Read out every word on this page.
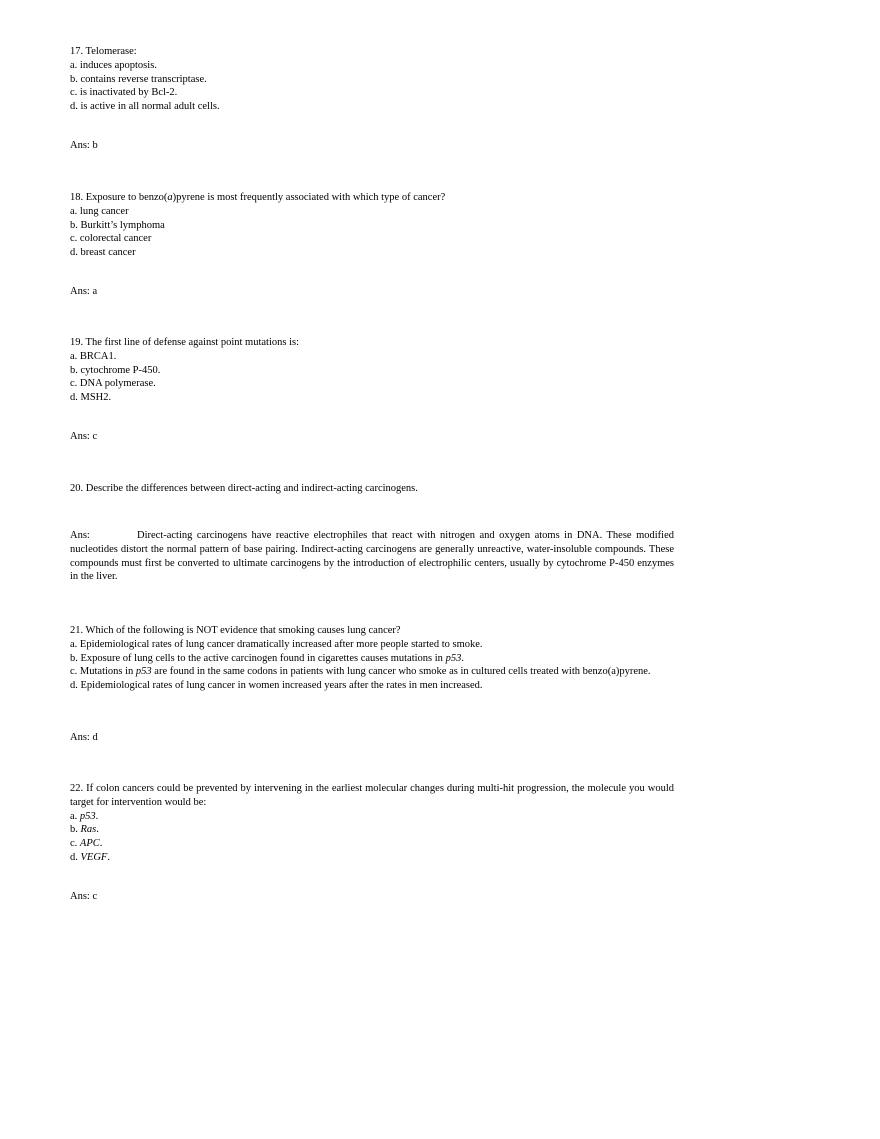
17. Telomerase:
a. induces apoptosis.
b. contains reverse transcriptase.
c. is inactivated by Bcl-2.
d. is active in all normal adult cells.
Ans: b
18. Exposure to benzo(a)pyrene is most frequently associated with which type of cancer?
a. lung cancer
b. Burkitt’s lymphoma
c. colorectal cancer
d. breast cancer
Ans: a
19. The first line of defense against point mutations is:
a. BRCA1.
b. cytochrome P-450.
c. DNA polymerase.
d. MSH2.
Ans: c
20. Describe the differences between direct-acting and indirect-acting carcinogens.
Ans:	Direct-acting carcinogens have reactive electrophiles that react with nitrogen and oxygen atoms in DNA. These modified nucleotides distort the normal pattern of base pairing. Indirect-acting carcinogens are generally unreactive, water-insoluble compounds. These compounds must first be converted to ultimate carcinogens by the introduction of electrophilic centers, usually by cytochrome P-450 enzymes in the liver.
21. Which of the following is NOT evidence that smoking causes lung cancer?
a. Epidemiological rates of lung cancer dramatically increased after more people started to smoke.
b. Exposure of lung cells to the active carcinogen found in cigarettes causes mutations in p53.
c. Mutations in p53 are found in the same codons in patients with lung cancer who smoke as in cultured cells treated with benzo(a)pyrene.
d. Epidemiological rates of lung cancer in women increased years after the rates in men increased.
Ans: d
22. If colon cancers could be prevented by intervening in the earliest molecular changes during multi-hit progression, the molecule you would target for intervention would be:
a. p53.
b. Ras.
c. APC.
d. VEGF.
Ans: c
